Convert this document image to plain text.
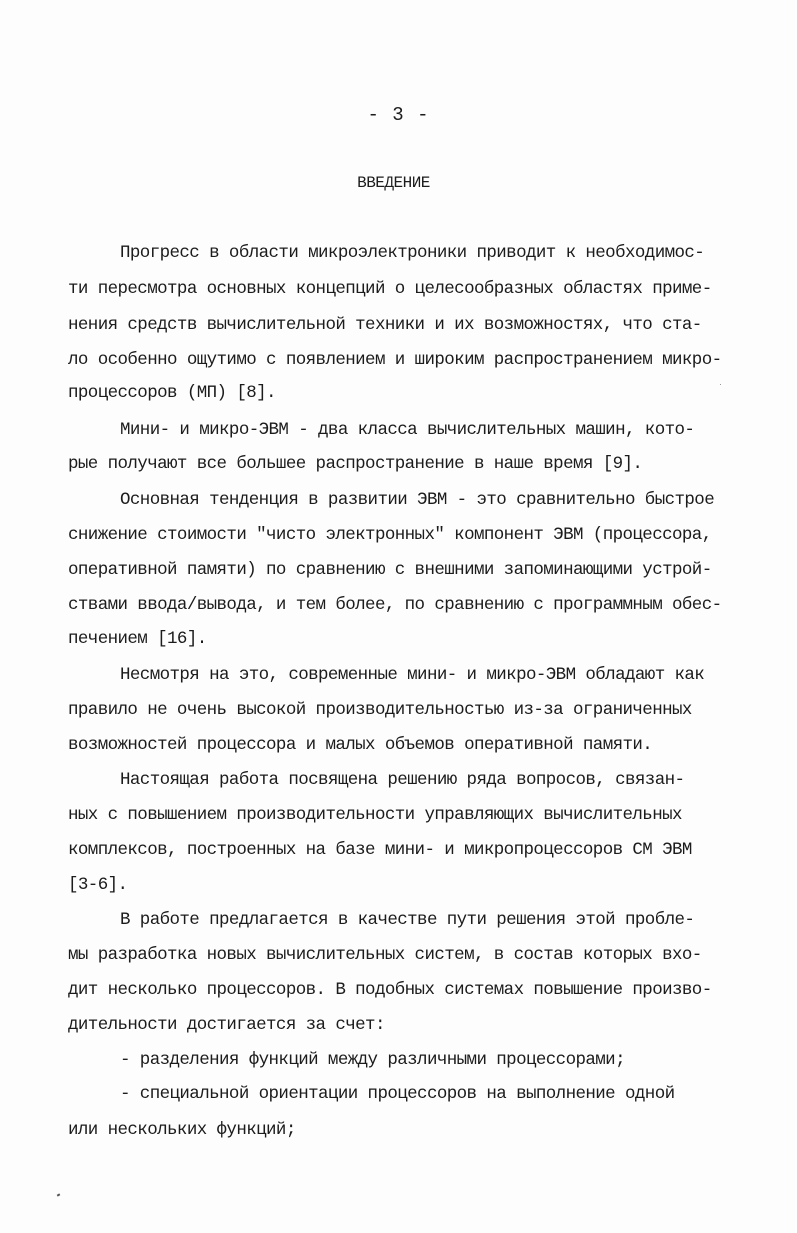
- 3 -
ВВЕДЕНИЕ
Прогресс в области микроэлектроники приводит к необходимос-
ти пересмотра основных концепций о целесообразных областях приме-
нения средств вычислительной техники и их возможностях, что ста-
ло особенно ощутимо с появлением и широким распространением микро-
процессоров (МП) [8].
Мини- и микро-ЭВМ - два класса вычислительных машин, кото-
рые получают все большее распространение в наше время [9].
Основная тенденция в развитии ЭВМ - это сравнительно быстрое
снижение стоимости "чисто электронных" компонент ЭВМ (процессора,
оперативной памяти) по сравнению с внешними запоминающими устрой-
ствами ввода/вывода, и тем более, по сравнению с программным обес-
печением [16].
Несмотря на это, современные мини- и микро-ЭВМ обладают как
правило не очень высокой производительностью из-за ограниченных
возможностей процессора и малых объемов оперативной памяти.
Настоящая работа посвящена решению ряда вопросов, связан-
ных с повышением производительности управляющих вычислительных
комплексов, построенных на базе мини- и микропроцессоров СМ ЭВМ
[3-6].
В работе предлагается в качестве пути решения этой пробле-
мы разработка новых вычислительных систем, в состав которых вхо-
дит несколько процессоров. В подобных системах повышение произво-
дительности достигается за счет:
- разделения функций между различными процессорами;
- специальной ориентации процессоров на выполнение одной
или нескольких функций;
